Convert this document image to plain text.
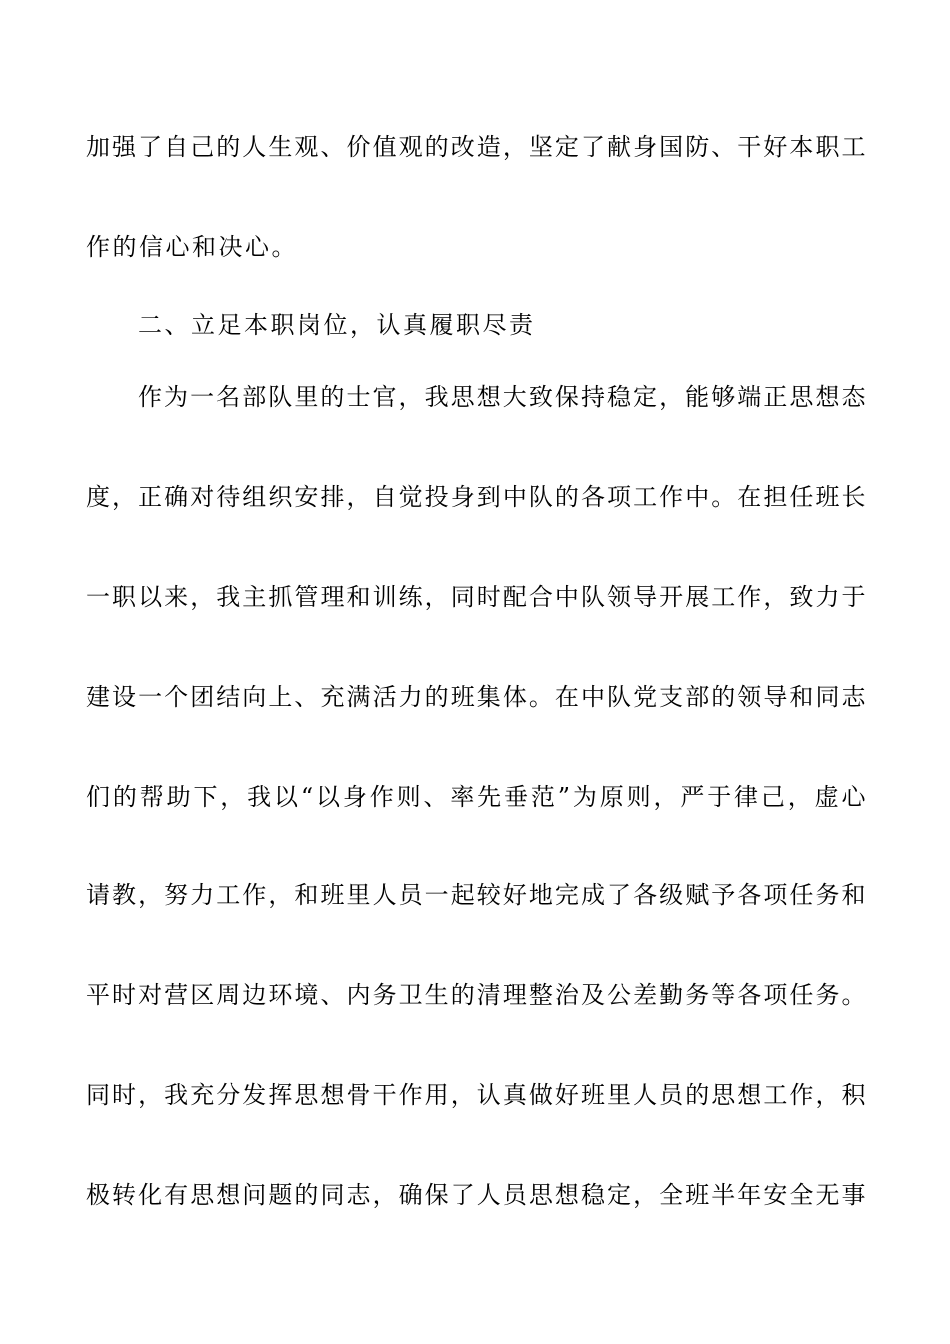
加强了自己的人生观、价值观的改造，坚定了献身国防、干好本职工
作的信心和决心。
二、立足本职岗位，认真履职尽责
作为一名部队里的士官，我思想大致保持稳定，能够端正思想态
度，正确对待组织安排，自觉投身到中队的各项工作中。在担任班长
一职以来，我主抓管理和训练，同时配合中队领导开展工作，致力于
建设一个团结向上、充满活力的班集体。在中队党支部的领导和同志
们的帮助下，我以“以身作则、率先垂范”为原则，严于律己，虚心
请教，努力工作，和班里人员一起较好地完成了各级赋予各项任务和
平时对营区周边环境、内务卫生的清理整治及公差勤务等各项任务。
同时，我充分发挥思想骨干作用，认真做好班里人员的思想工作，积
极转化有思想问题的同志，确保了人员思想稳定，全班半年安全无事
